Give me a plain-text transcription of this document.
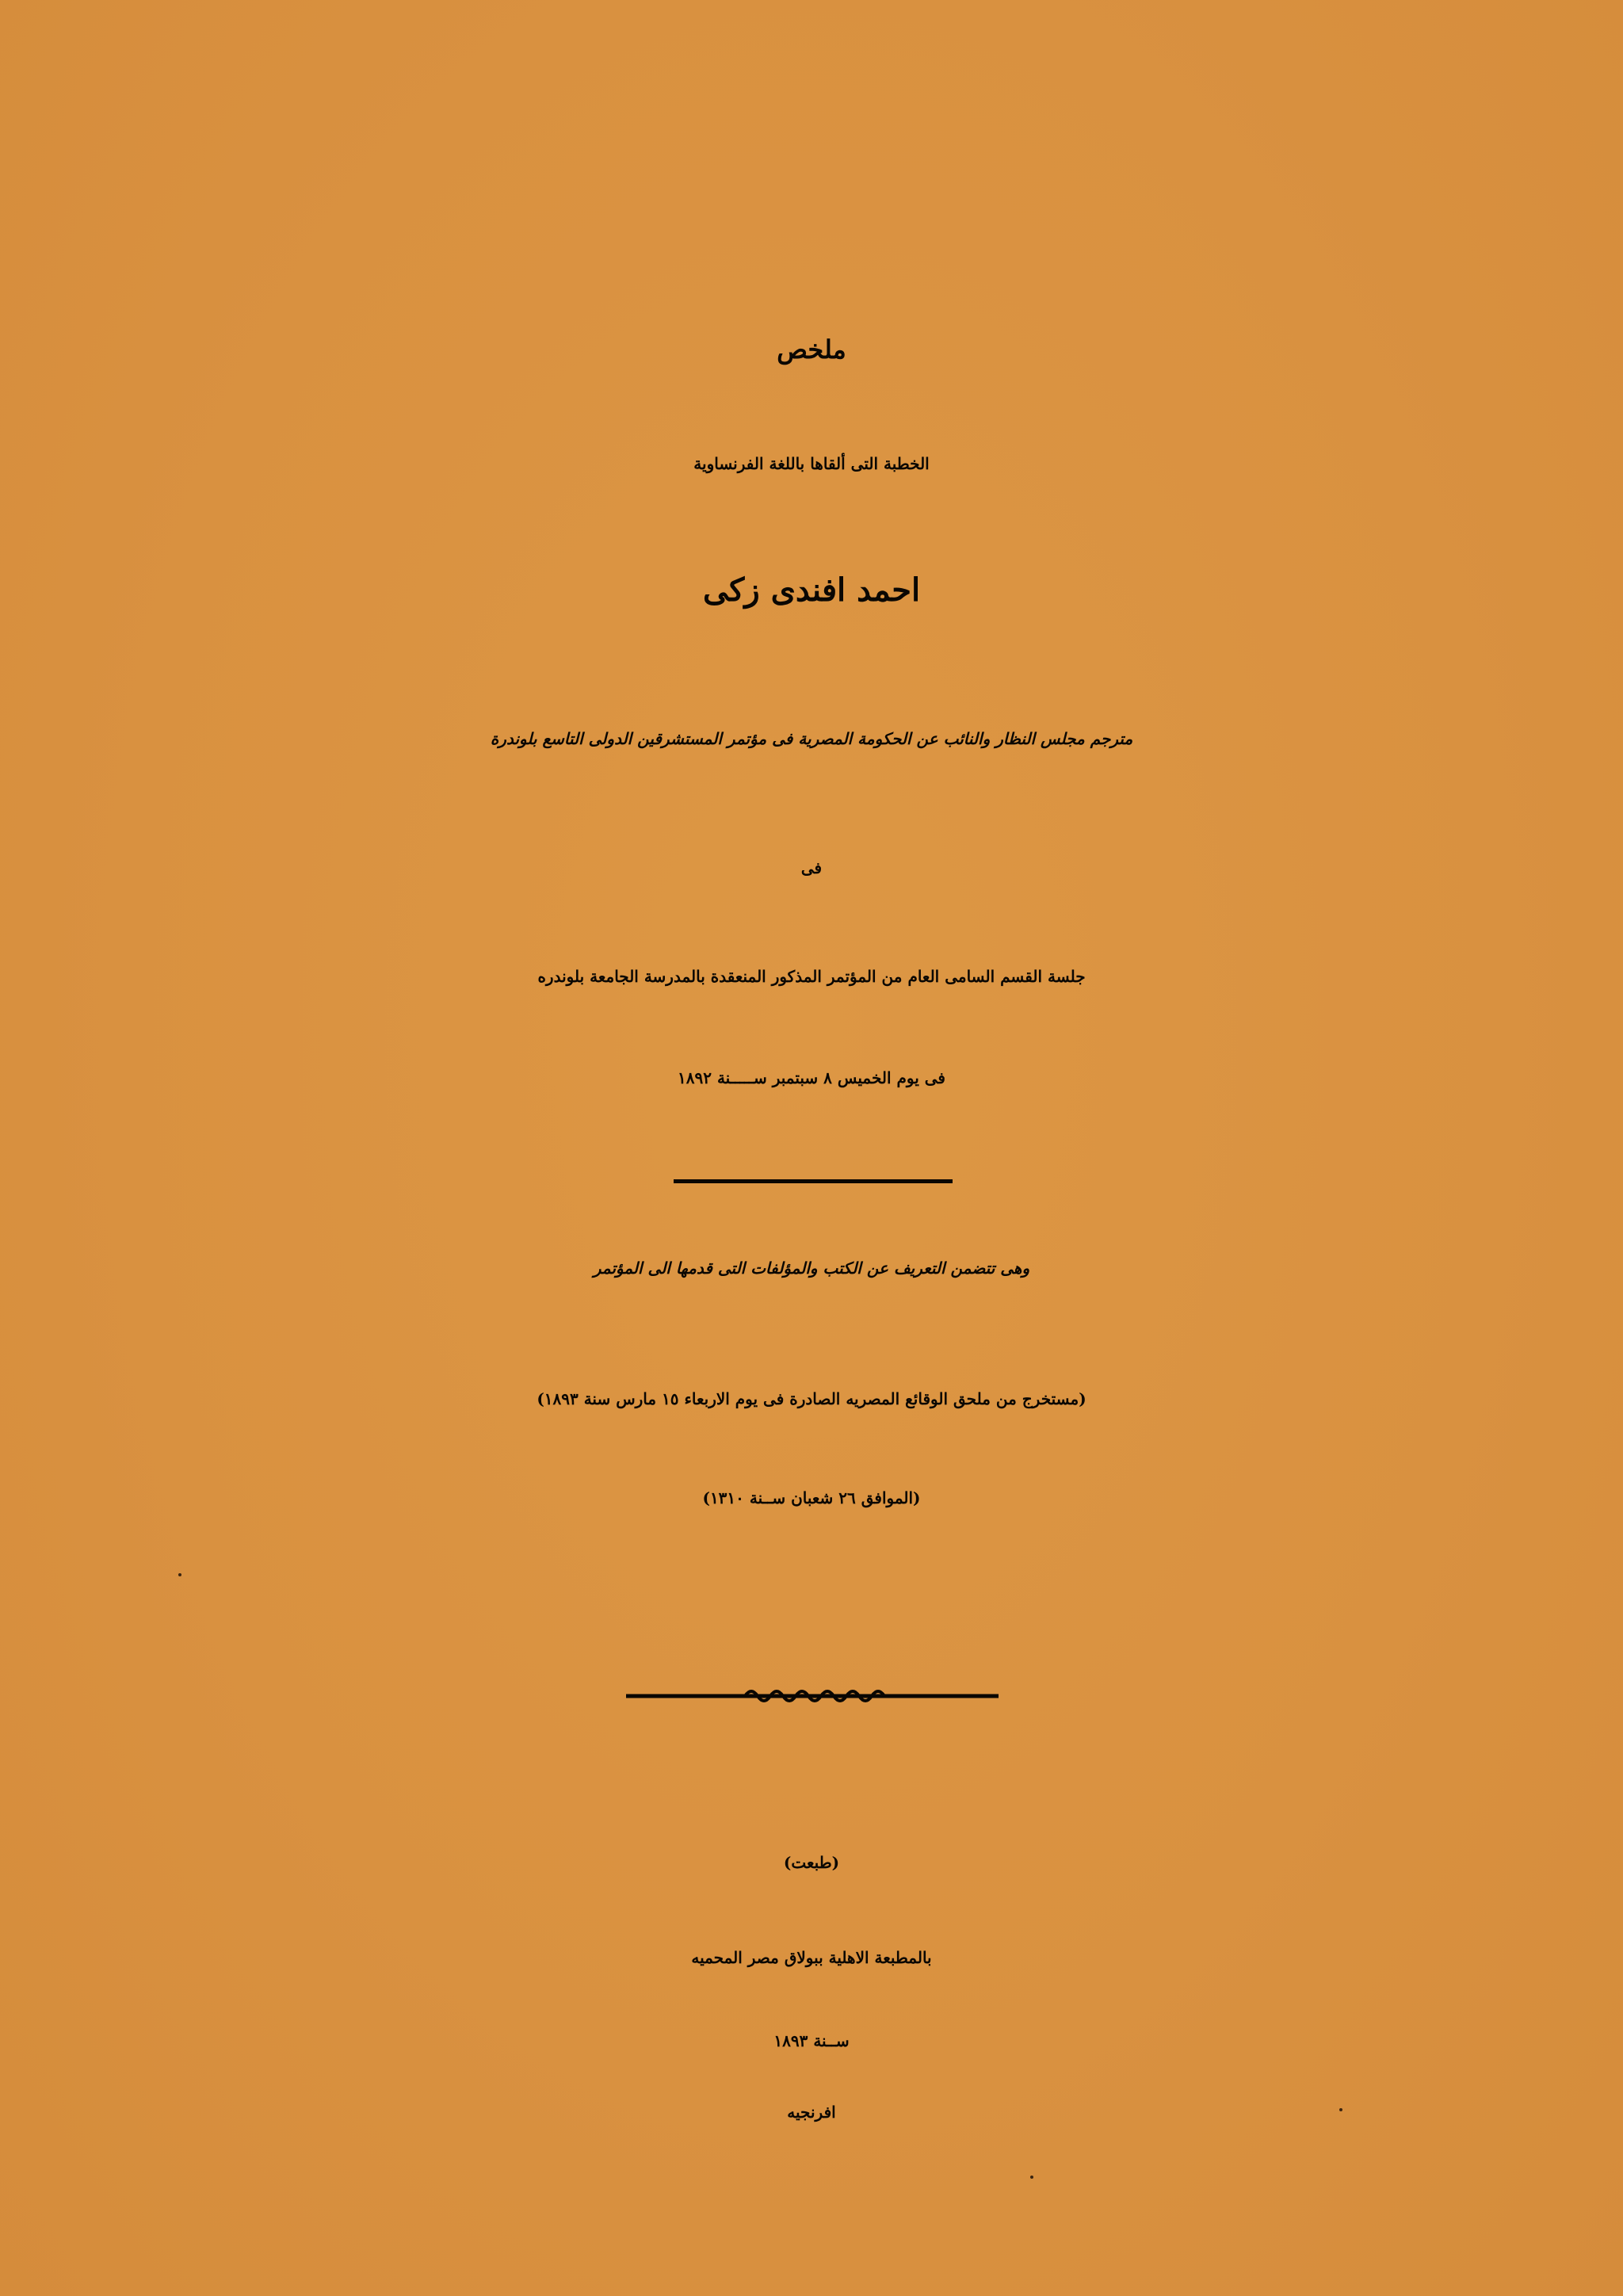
ملخص
الخطبة التى ألقاها باللغة الفرنساوية
احمد افندى زكى
مترجم مجلس النظار والنائب عن الحكومة المصرية فى مؤتمر المستشرقين الدولى التاسع بلوندرة
فى
جلسة القسم السامى العام من المؤتمر المذكور المنعقدة بالمدرسة الجامعة بلوندره
فى يوم الخميس ٨ سبتمبر ســـــنة ١٨٩٢
وهى تتضمن التعريف عن الكتب والمؤلفات التى قدمها الى المؤتمر
(مستخرج من ملحق الوقائع المصريه الصادرة فى يوم الاربعاء ١٥ مارس سنة ١٨٩٣)
(الموافق ٢٦ شعبان ســنة ١٣١٠)
(طبعت)
بالمطبعة الاهلية ببولاق مصر المحميه
ســنة ١٨٩٣
افرنجيه
